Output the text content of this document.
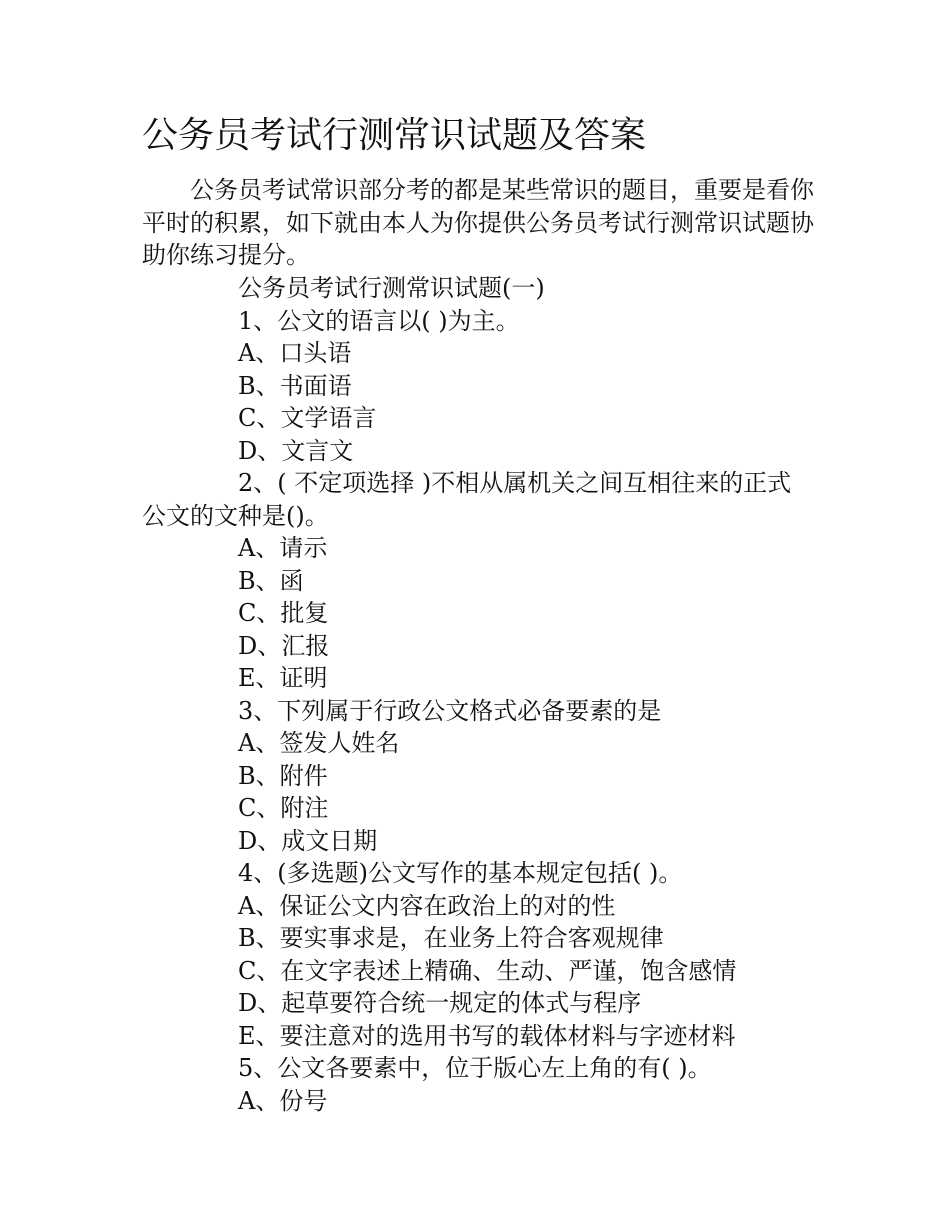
公务员考试行测常识试题及答案

公务员考试常识部分考的都是某些常识的题目，重要是看你平时的积累，如下就由本人为你提供公务员考试行测常识试题协助你练习提分。

公务员考试行测常识试题(一)
1、公文的语言以( )为主。
A、口头语
B、书面语
C、文学语言
D、文言文
2、( 不定项选择 )不相从属机关之间互相往来的正式公文的文种是()。
A、请示
B、函
C、批复
D、汇报
E、证明
3、下列属于行政公文格式必备要素的是
A、签发人姓名
B、附件
C、附注
D、成文日期
4、(多选题)公文写作的基本规定包括( )。
A、保证公文内容在政治上的对的性
B、要实事求是，在业务上符合客观规律
C、在文字表述上精确、生动、严谨，饱含感情
D、起草要符合统一规定的体式与程序
E、要注意对的选用书写的载体材料与字迹材料
5、公文各要素中，位于版心左上角的有( )。
A、份号
